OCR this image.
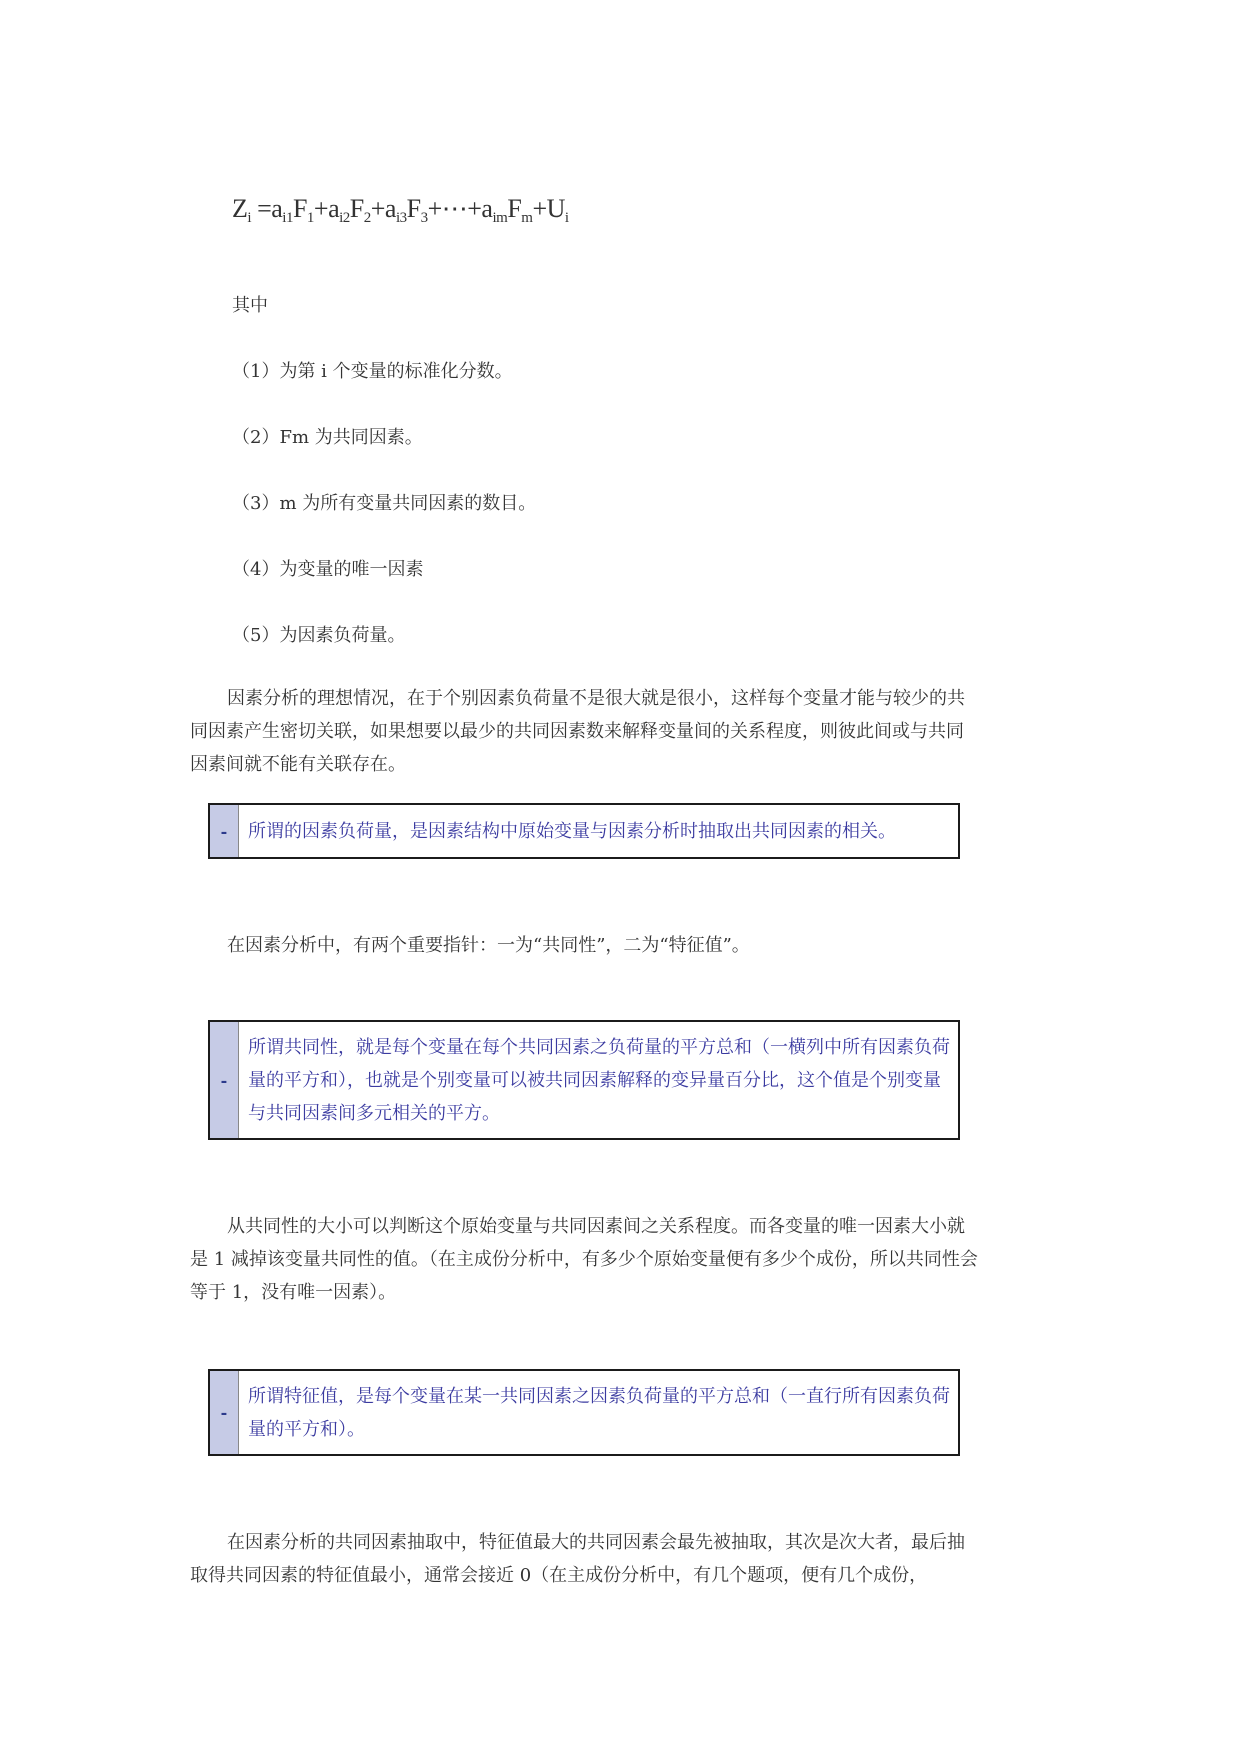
$Z_i$ $=a_{i1}F_1+a_{i2}F_2+a_{i3}F_3+\cdots+a_{im}F_m+U_i$
其中
（1）为第 i 个变量的标准化分数。
（2）Fm 为共同因素。
（3）m 为所有变量共同因素的数目。
（4）为变量的唯一因素
（5）为因素负荷量。

因素分析的理想情况，在于个别因素负荷量不是很大就是很小，这样每个变量才能与较少的共同因素产生密切关联，如果想要以最少的共同因素数来解释变量间的关系程度，则彼此间或与共同因素间就不能有关联存在。

-	所谓的因素负荷量，是因素结构中原始变量与因素分析时抽取出共同因素的相关。

在因素分析中，有两个重要指针：一为“共同性”，二为“特征值”。

-
所谓共同性，就是每个变量在每个共同因素之负荷量的平方总和（一横列中所有因素负荷量的平方和），也就是个别变量可以被共同因素解释的变异量百分比，这个值是个别变量与共同因素间多元相关的平方。

从共同性的大小可以判断这个原始变量与共同因素间之关系程度。而各变量的唯一因素大小就是 1 减掉该变量共同性的值。（在主成份分析中，有多少个原始变量便有多少个成份，所以共同性会等于 1，没有唯一因素）。

-
所谓特征值，是每个变量在某一共同因素之因素负荷量的平方总和（一直行所有因素负荷量的平方和）。

在因素分析的共同因素抽取中，特征值最大的共同因素会最先被抽取，其次是次大者，最后抽取得共同因素的特征值最小，通常会接近 0（在主成份分析中，有几个题项，便有几个成份，
